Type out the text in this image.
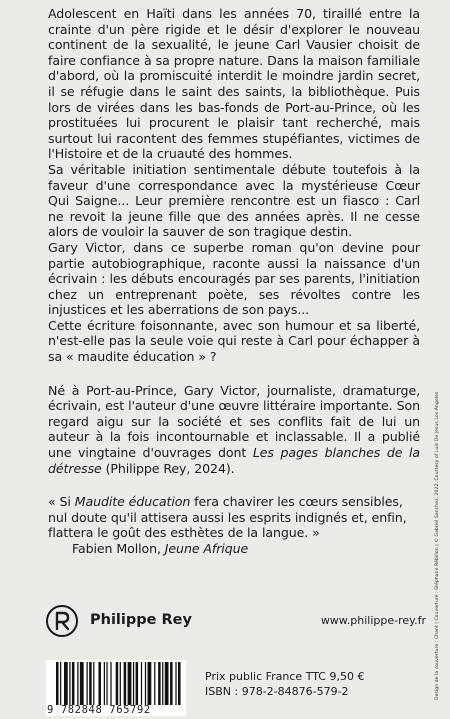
Adolescent en Haïti dans les années 70, tiraillé entre la crainte d'un père rigide et le désir d'explorer le nouveau continent de la sexualité, le jeune Carl Vausier choisit de faire confiance à sa propre nature. Dans la maison familiale d'abord, où la promiscuité interdit le moindre jardin secret, il se réfugie dans le saint des saints, la bibliothèque. Puis lors de virées dans les bas-fonds de Port-au-Prince, où les prostituées lui procurent le plaisir tant recherché, mais surtout lui racontent des femmes stupéfiantes, victimes de l'Histoire et de la cruauté des hommes.

Sa véritable initiation sentimentale débute toutefois à la faveur d'une correspondance avec la mystérieuse Cœur Qui Saigne... Leur première rencontre est un fiasco : Carl ne revoit la jeune fille que des années après. Il ne cesse alors de vouloir la sauver de son tragique destin.

Gary Victor, dans ce superbe roman qu'on devine pour partie autobiographique, raconte aussi la naissance d'un écrivain : les débuts encouragés par ses parents, l'initiation chez un entreprenant poète, ses révoltes contre les injustices et les aberrations de son pays...

Cette écriture foisonnante, avec son humour et sa liberté, n'est-elle pas la seule voie qui reste à Carl pour échapper à sa « maudite éducation » ?

Né à Port-au-Prince, Gary Victor, journaliste, dramaturge, écrivain, est l'auteur d'une œuvre littéraire importante. Son regard aigu sur la société et ses conflits fait de lui un auteur à la fois incontournable et inclassable. Il a publié une vingtaine d'ouvrages dont Les pages blanches de la détresse (Philippe Rey, 2024).

« Si Maudite éducation fera chavirer les cœurs sensibles, nul doute qu'il attisera aussi les esprits indignés et, enfin, flattera le goût des esthètes de la langue. »

Fabien Mollon, Jeune Afrique	Design de la couverture : Chant | Couverture : Stéphane Rébillon | © Gabriel Sanchez, 2022. Courtesy of Luis De Jesus Los Angeles
Philippe Rey	www.philippe-rey.fr
9 782848 765792
Prix public France TTC 9,50 €
ISBN : 978-2-84876-579-2
